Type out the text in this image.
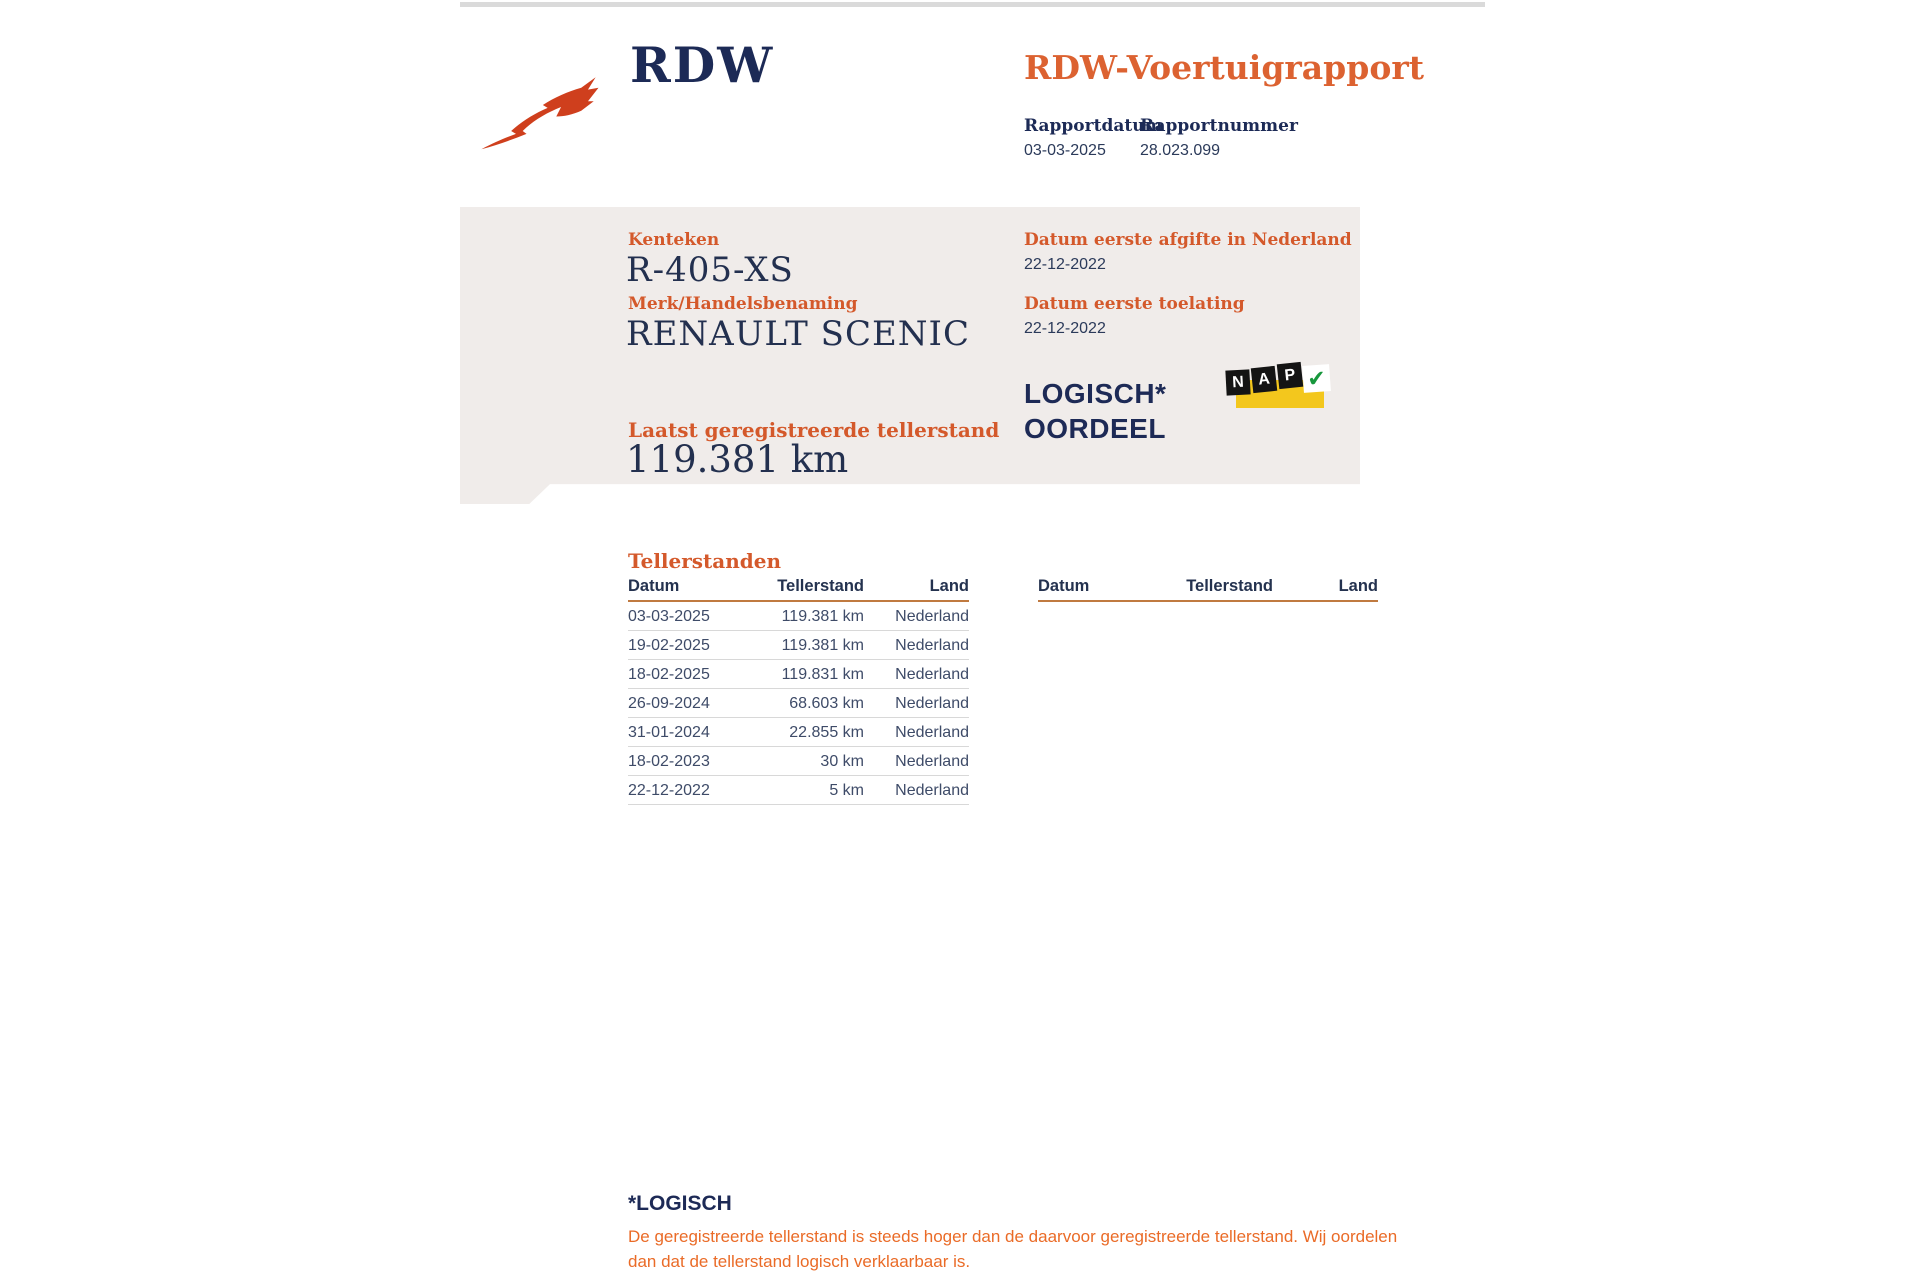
RDW	RDW-Voertuigrapport
Rapportdatum
Rapportnummer
03-03-2025 28.023.099
Kenteken
R-405-XS
Merk/Handelsbenaming
RENAULT SCENIC
Datum eerste afgifte in Nederland
22-12-2022
Datum eerste toelating
22-12-2022
LOGISCH*
OORDEEL
N A P ✔
Laatst geregistreerde tellerstand
119.381 km
Tellerstanden
Datum	Tellerstand	Land
03-03-2025	119.381 km	Nederland
19-02-2025	119.381 km	Nederland
18-02-2025	119.831 km	Nederland
26-09-2024	68.603 km	Nederland
31-01-2024	22.855 km	Nederland
18-02-2023	30 km	Nederland
22-12-2022	5 km	Nederland
Datum	Tellerstand	Land
*LOGISCH
De geregistreerde tellerstand is steeds hoger dan de daarvoor geregistreerde tellerstand. Wij oordelen dan dat de tellerstand logisch verklaarbaar is.
